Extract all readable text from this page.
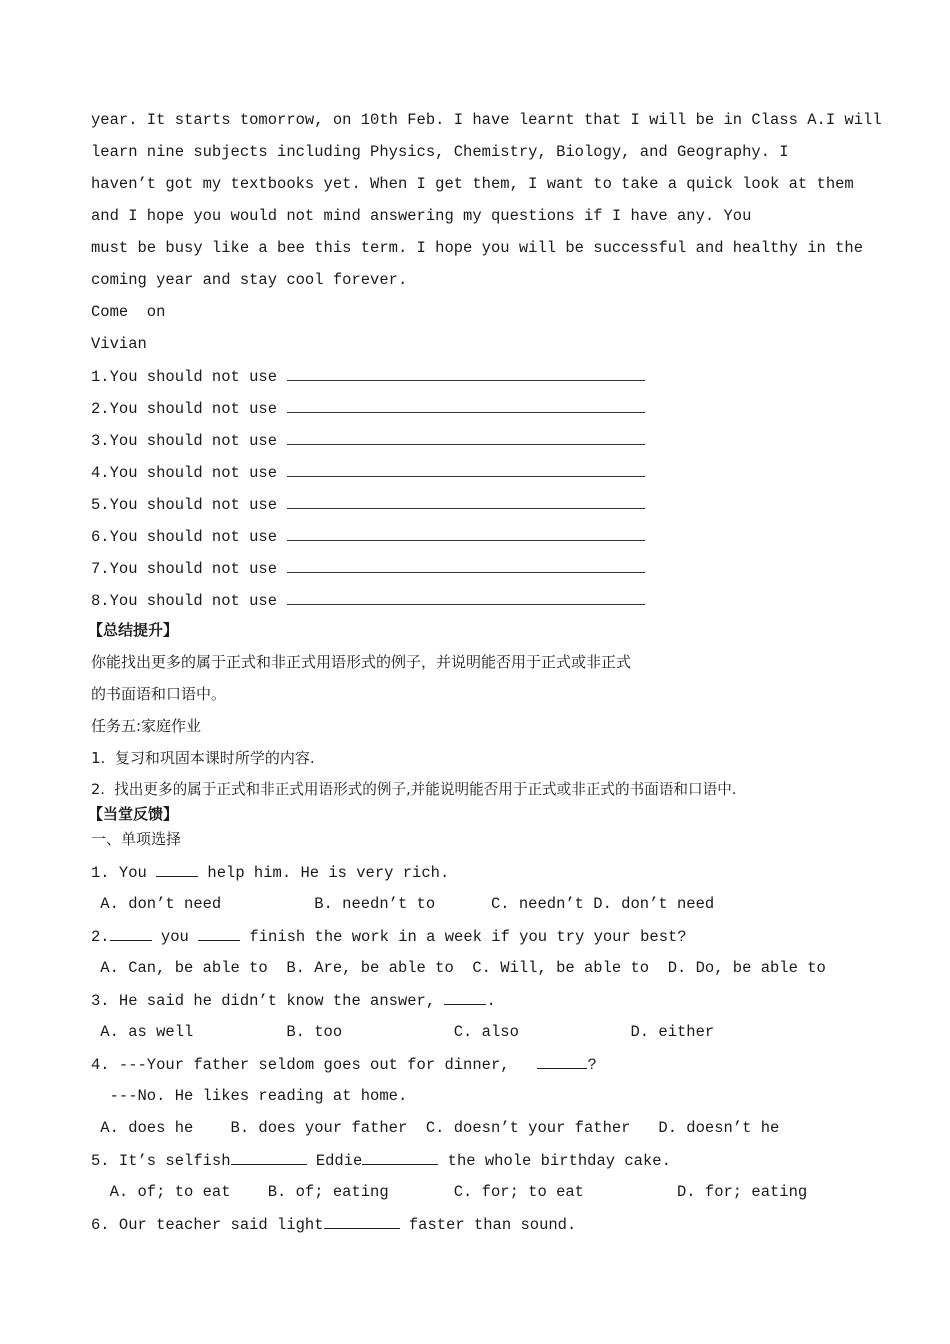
year. It starts tomorrow, on 10th Feb. I have learnt that I will be in Class A.I will
learn nine subjects including Physics, Chemistry, Biology, and Geography. I
haven’t got my textbooks yet. When I get them, I want to take a quick look at them
and I hope you would not mind answering my questions if I have any. You
must be busy like a bee this term. I hope you will be successful and healthy in the
coming year and stay cool forever.
Come  on
Vivian
1.You should not use
2.You should not use
3.You should not use
4.You should not use
5.You should not use
6.You should not use
7.You should not use
8.You should not use
【总结提升】
你能找出更多的属于正式和非正式用语形式的例子，并说明能否用于正式或非正式
的书面语和口语中。
任务五:家庭作业
1.  复习和巩固本课时所学的内容.
2.  找出更多的属于正式和非正式用语形式的例子,并能说明能否用于正式或非正式的书面语和口语中.
【当堂反馈】
一、单项选择
1. You	help him. He is very rich.
A. don’t need          B. needn’t to      C. needn’t D. don’t need
2.	you	finish the work in a week if you try your best?
A. Can, be able to  B. Are, be able to  C. Will, be able to  D. Do, be able to
3. He said he didn’t know the answer,	.
A. as well          B. too            C. also            D. either
4. ---Your father seldom goes out for dinner,	?
---No. He likes reading at home.
A. does he    B. does your father  C. doesn’t your father   D. doesn’t he
5. It’s selfish	Eddie	the whole birthday cake.
A. of; to eat    B. of; eating       C. for; to eat          D. for; eating
6. Our teacher said light	faster than sound.
